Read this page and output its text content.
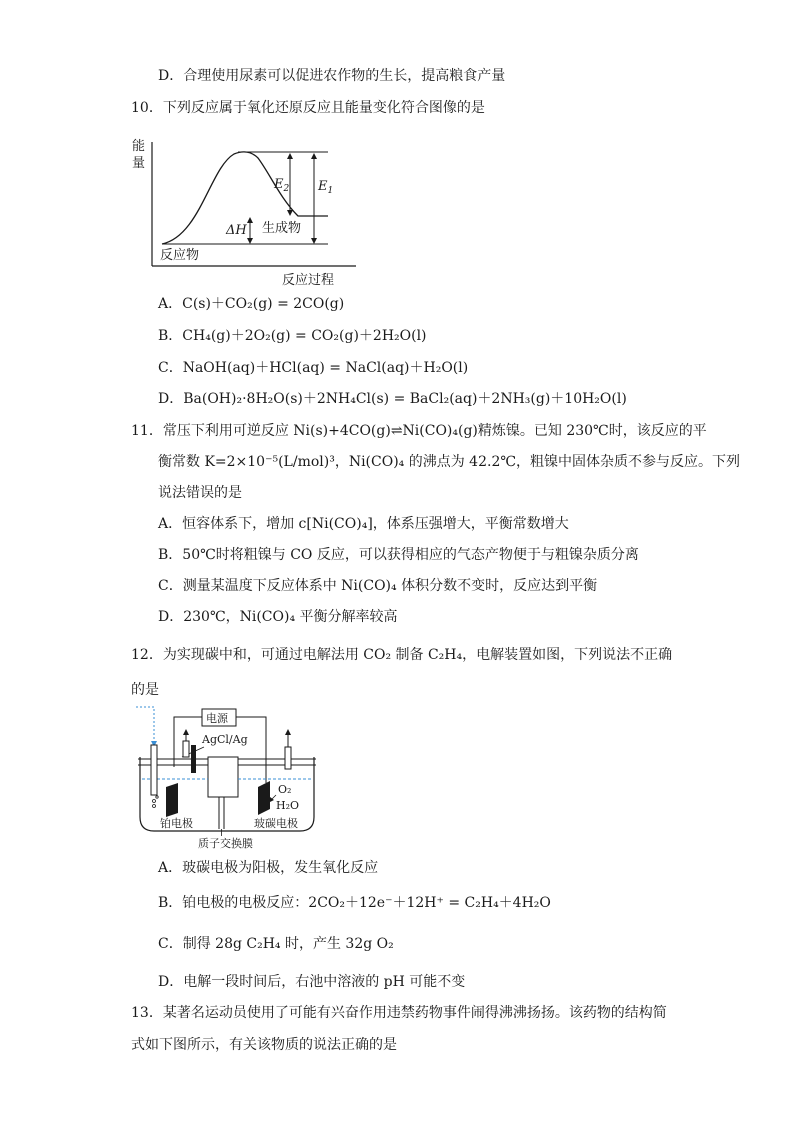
D．合理使用尿素可以促进农作物的生长，提高粮食产量
10．下列反应属于氧化还原反应且能量变化符合图像的是
能
量
反应过程
$E_2$ $E_1$
ΔH 生成物
反应物
A．C(s)＋CO₂(g) = 2CO(g)
B．CH₄(g)＋2O₂(g) = CO₂(g)＋2H₂O(l)
C．NaOH(aq)＋HCl(aq) = NaCl(aq)＋H₂O(l)
D．Ba(OH)₂·8H₂O(s)＋2NH₄Cl(s) = BaCl₂(aq)＋2NH₃(g)＋10H₂O(l)
11．常压下利用可逆反应 Ni(s)+4CO(g)⇌Ni(CO)₄(g)精炼镍。已知 230℃时，该反应的平
衡常数 K=2×10⁻⁵(L/mol)³，Ni(CO)₄ 的沸点为 42.2℃，粗镍中固体杂质不参与反应。下列
说法错误的是
A．恒容体系下，增加 c[Ni(CO)₄]，体系压强增大，平衡常数增大
B．50℃时将粗镍与 CO 反应，可以获得相应的气态产物便于与粗镍杂质分离
C．测量某温度下反应体系中 Ni(CO)₄ 体积分数不变时，反应达到平衡
D．230℃，Ni(CO)₄ 平衡分解率较高
12．为实现碳中和，可通过电解法用 CO₂ 制备 C₂H₄，电解装置如图，下列说法不正确
的是
电源
AgCl/Ag
O₂
H₂O
铂电极	玻碳电极
质子交换膜
A．玻碳电极为阳极，发生氧化反应
B．铂电极的电极反应：2CO₂＋12e⁻＋12H⁺ = C₂H₄＋4H₂O
C．制得 28g C₂H₄ 时，产生 32g O₂
D．电解一段时间后，右池中溶液的 pH 可能不变
13．某著名运动员使用了可能有兴奋作用违禁药物事件闹得沸沸扬扬。该药物的结构简
式如下图所示，有关该物质的说法正确的是
